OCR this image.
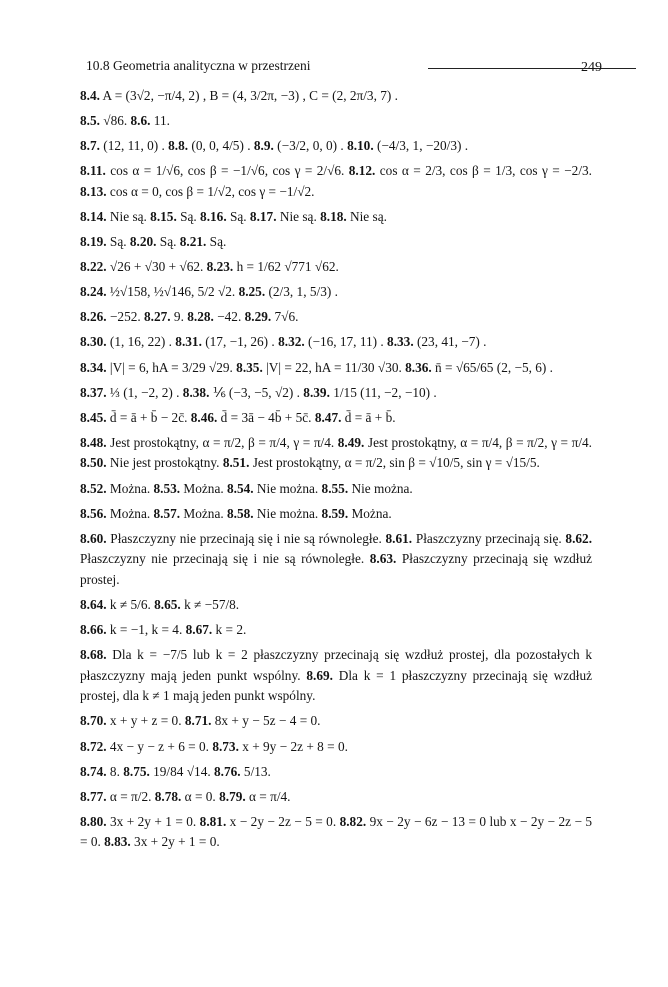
10.8 Geometria analityczna w przestrzeni	249

8.4. A = (3√2, −π/4, 2) , B = (4, 3/2π, −3) , C = (2, 2π/3, 7) .

8.5. √86. 8.6. 11.

8.7. (12, 11, 0) . 8.8. (0, 0, 4/5) . 8.9. (−3/2, 0, 0) . 8.10. (−4/3, 1, −20/3) .

8.11. cos α = 1/√6, cos β = −1/√6, cos γ = 2/√6. 8.12. cos α = 2/3, cos β = 1/3, cos γ = −2/3. 8.13. cos α = 0, cos β = 1/√2, cos γ = −1/√2.

8.14. Nie są. 8.15. Są. 8.16. Są. 8.17. Nie są. 8.18. Nie są.

8.19. Są. 8.20. Są. 8.21. Są.

8.22. √26 + √30 + √62. 8.23. h = 1/62 √771 √62.

8.24. ½√158, ½√146, 5/2 √2. 8.25. (2/3, 1, 5/3) .

8.26. −252. 8.27. 9. 8.28. −42. 8.29. 7√6.

8.30. (1, 16, 22) . 8.31. (17, −1, 26) . 8.32. (−16, 17, 11) . 8.33. (23, 41, −7) .

8.34. |V| = 6, hA = 3/29 √29. 8.35. |V| = 22, hA = 11/30 √30. 8.36. n̄ = √65/65 (2, −5, 6) .

8.37. ⅓ (1, −2, 2) . 8.38. ⅙ (−3, −5, √2) . 8.39. 1/15 (11, −2, −10) .

8.45. d̄ = ā + b̄ − 2c̄. 8.46. d̄ = 3ā − 4b̄ + 5c̄. 8.47. d̄ = ā + b̄.

8.48. Jest prostokątny, α = π/2, β = π/4, γ = π/4. 8.49. Jest prostokątny, α = π/4, β = π/2, γ = π/4. 8.50. Nie jest prostokątny. 8.51. Jest prostokątny, α = π/2, sin β = √10/5, sin γ = √15/5.

8.52. Można. 8.53. Można. 8.54. Nie można. 8.55. Nie można.

8.56. Można. 8.57. Można. 8.58. Nie można. 8.59. Można.

8.60. Płaszczyzny nie przecinają się i nie są równoległe. 8.61. Płaszczyzny przecinają się. 8.62. Płaszczyzny nie przecinają się i nie są równoległe. 8.63. Płaszczyzny przecinają się wzdłuż prostej.

8.64. k ≠ 5/6. 8.65. k ≠ −57/8.

8.66. k = −1, k = 4. 8.67. k = 2.

8.68. Dla k = −7/5 lub k = 2 płaszczyzny przecinają się wzdłuż prostej, dla pozostałych k płaszczyzny mają jeden punkt wspólny. 8.69. Dla k = 1 płaszczyzny przecinają się wzdłuż prostej, dla k ≠ 1 mają jeden punkt wspólny.

8.70. x + y + z = 0. 8.71. 8x + y − 5z − 4 = 0.

8.72. 4x − y − z + 6 = 0. 8.73. x + 9y − 2z + 8 = 0.

8.74. 8. 8.75. 19/84 √14. 8.76. 5/13.

8.77. α = π/2. 8.78. α = 0. 8.79. α = π/4.

8.80. 3x + 2y + 1 = 0. 8.81. x − 2y − 2z − 5 = 0. 8.82. 9x − 2y − 6z − 13 = 0 lub x − 2y − 2z − 5 = 0. 8.83. 3x + 2y + 1 = 0.
